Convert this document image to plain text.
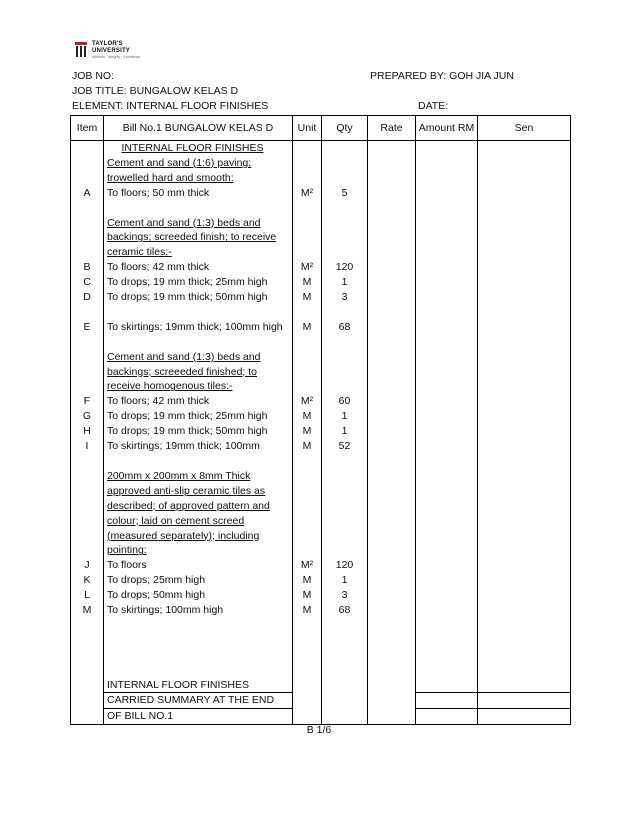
TAYLOR'S
UNIVERSITY
Wisdom · Integrity · Excellence
JOB NO:	PREPARED BY: GOH JIA JUN
JOB TITLE: BUNGALOW KELAS D
ELEMENT: INTERNAL FLOOR FINISHES	DATE:
Item	Bill No.1 BUNGALOW KELAS D	Unit	Qty	Rate	Amount RM	Sen

	INTERNAL FLOOR FINISHES					

	Cement and sand (1:6) paving;					
	trowelled hard and smooth:					
A	To floors; 50 mm thick	M²	5			

	Cement and sand (1:3) beds and					
	backings; screeded finish; to receive					
	ceramic tiles:-					
B	To floors; 42 mm thick	M²	120			
C	To drops; 19 mm thick; 25mm high	M	1			
D	To drops; 19 mm thick; 50mm high	M	3			

E	To skirtings; 19mm thick; 100mm high	M	68			

	Cement and sand (1:3) beds and					
	backings; screeeded finished; to					
	receive homogenous tiles:-					
F	To floors; 42 mm thick	M²	60			
G	To drops; 19 mm thick; 25mm high	M	1			
H	To drops; 19 mm thick; 50mm high	M	1			
I	To skirtings; 19mm thick; 100mm	M	52			

	200mm x 200mm x 8mm Thick					
	approved anti-slip ceramic tiles as					
	described; of approved pattern and					
	colour; laid on cement screed					
	(measured separately); including					
	pointing:					
J	To floors	M²	120			
K	To drops; 25mm high	M	1			
L	To drops; 50mm high	M	3			
M	To skirtings; 100mm high	M	68			

	INTERNAL FLOOR FINISHES					
	CARRIED SUMMARY AT THE END					
	OF BILL NO.1					
B 1/6
